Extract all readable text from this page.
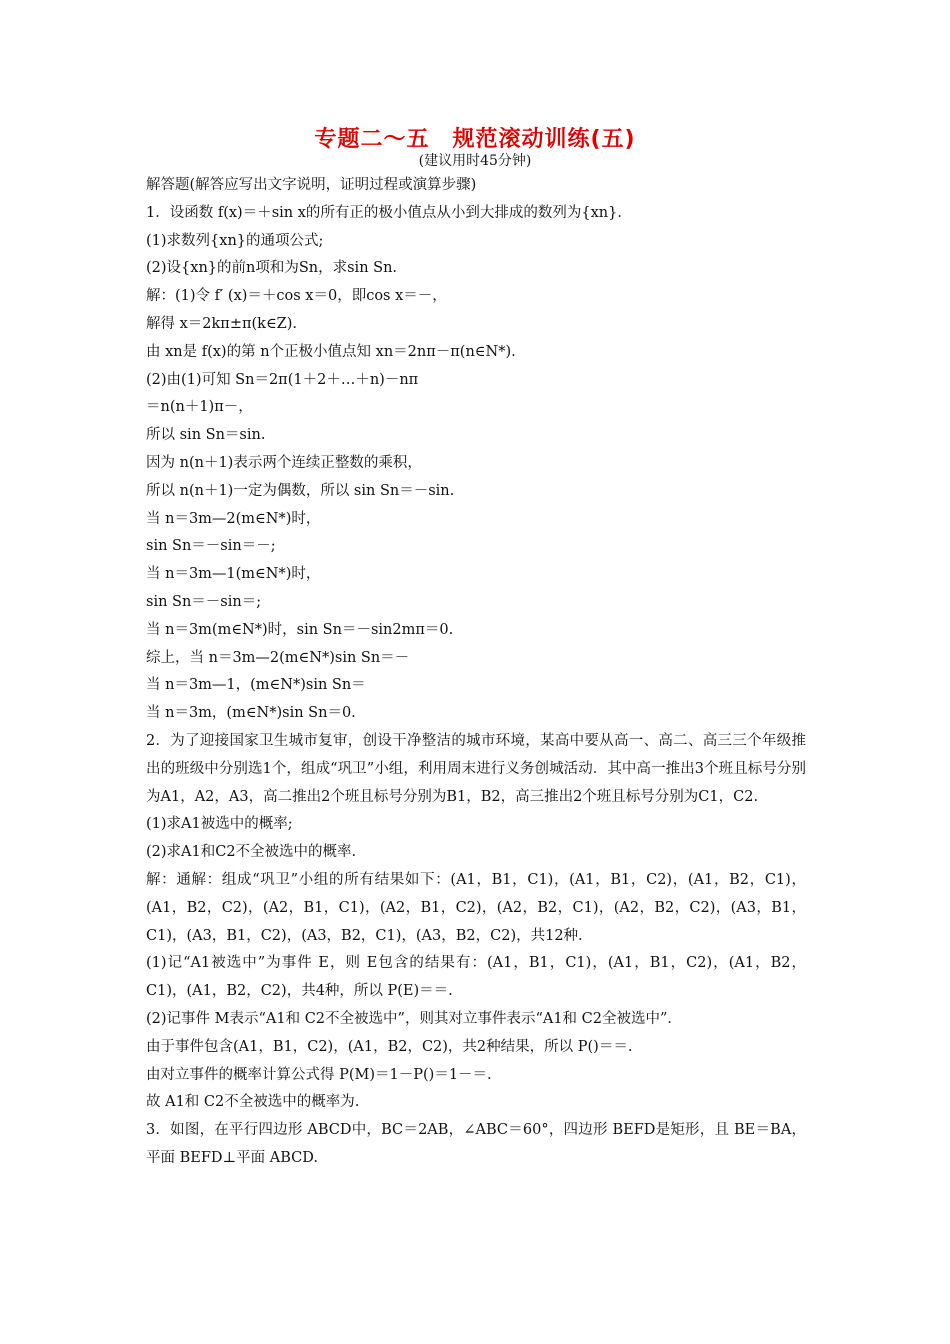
专题二～五　规范滚动训练(五)
(建议用时45分钟)
解答题(解答应写出文字说明，证明过程或演算步骤)
1．设函数 f(x)＝＋sin x的所有正的极小值点从小到大排成的数列为{xn}．
(1)求数列{xn}的通项公式;
(2)设{xn}的前n项和为Sn，求sin Sn.
解：(1)令 f′ (x)＝＋cos x＝0，即cos x＝－，
解得 x＝2kπ±π(k∈Z).
由 xn是 f(x)的第 n个正极小值点知 xn＝2nπ－π(n∈N*).
(2)由(1)可知 Sn＝2π(1＋2＋…＋n)－nπ
＝n(n＋1)π－，
所以 sin Sn＝sin.
因为 n(n＋1)表示两个连续正整数的乘积，
所以 n(n＋1)一定为偶数，所以 sin Sn＝－sin.
当 n＝3m—2(m∈N*)时，
sin Sn＝－sin＝－;
当 n＝3m—1(m∈N*)时，
sin Sn＝－sin＝;
当 n＝3m(m∈N*)时，sin Sn＝－sin2mπ＝0.
综上，当 n＝3m—2(m∈N*)sin Sn＝－
当 n＝3m—1，(m∈N*)sin Sn＝
当 n＝3m，(m∈N*)sin Sn＝0.
2．为了迎接国家卫生城市复审，创设干净整洁的城市环境，某高中要从高一、高二、高三三个年级推出的班级中分别选1个，组成“巩卫”小组，利用周末进行义务创城活动．其中高一推出3个班且标号分别为A1，A2，A3，高二推出2个班且标号分别为B1，B2，高三推出2个班且标号分别为C1，C2.
(1)求A1被选中的概率;
(2)求A1和C2不全被选中的概率.
解：通解：组成“巩卫”小组的所有结果如下：(A1，B1，C1)，(A1，B1，C2)，(A1，B2，C1)，(A1，B2，C2)，(A2，B1，C1)，(A2，B1，C2)，(A2，B2，C1)，(A2，B2，C2)，(A3，B1，C1)，(A3，B1，C2)，(A3，B2，C1)，(A3，B2，C2)，共12种.
(1)记“A1被选中”为事件 E，则 E包含的结果有：(A1，B1，C1)，(A1，B1，C2)，(A1，B2，C1)，(A1，B2，C2)，共4种，所以 P(E)＝＝.
(2)记事件 M表示“A1和 C2不全被选中”，则其对立事件表示“A1和 C2全被选中”．
由于事件包含(A1，B1，C2)，(A1，B2，C2)，共2种结果，所以 P()＝＝.
由对立事件的概率计算公式得 P(M)＝1－P()＝1－＝.
故 A1和 C2不全被选中的概率为.
3．如图，在平行四边形 ABCD中，BC＝2AB，∠ABC＝60°，四边形 BEFD是矩形，且 BE＝BA，平面 BEFD⊥平面 ABCD.
